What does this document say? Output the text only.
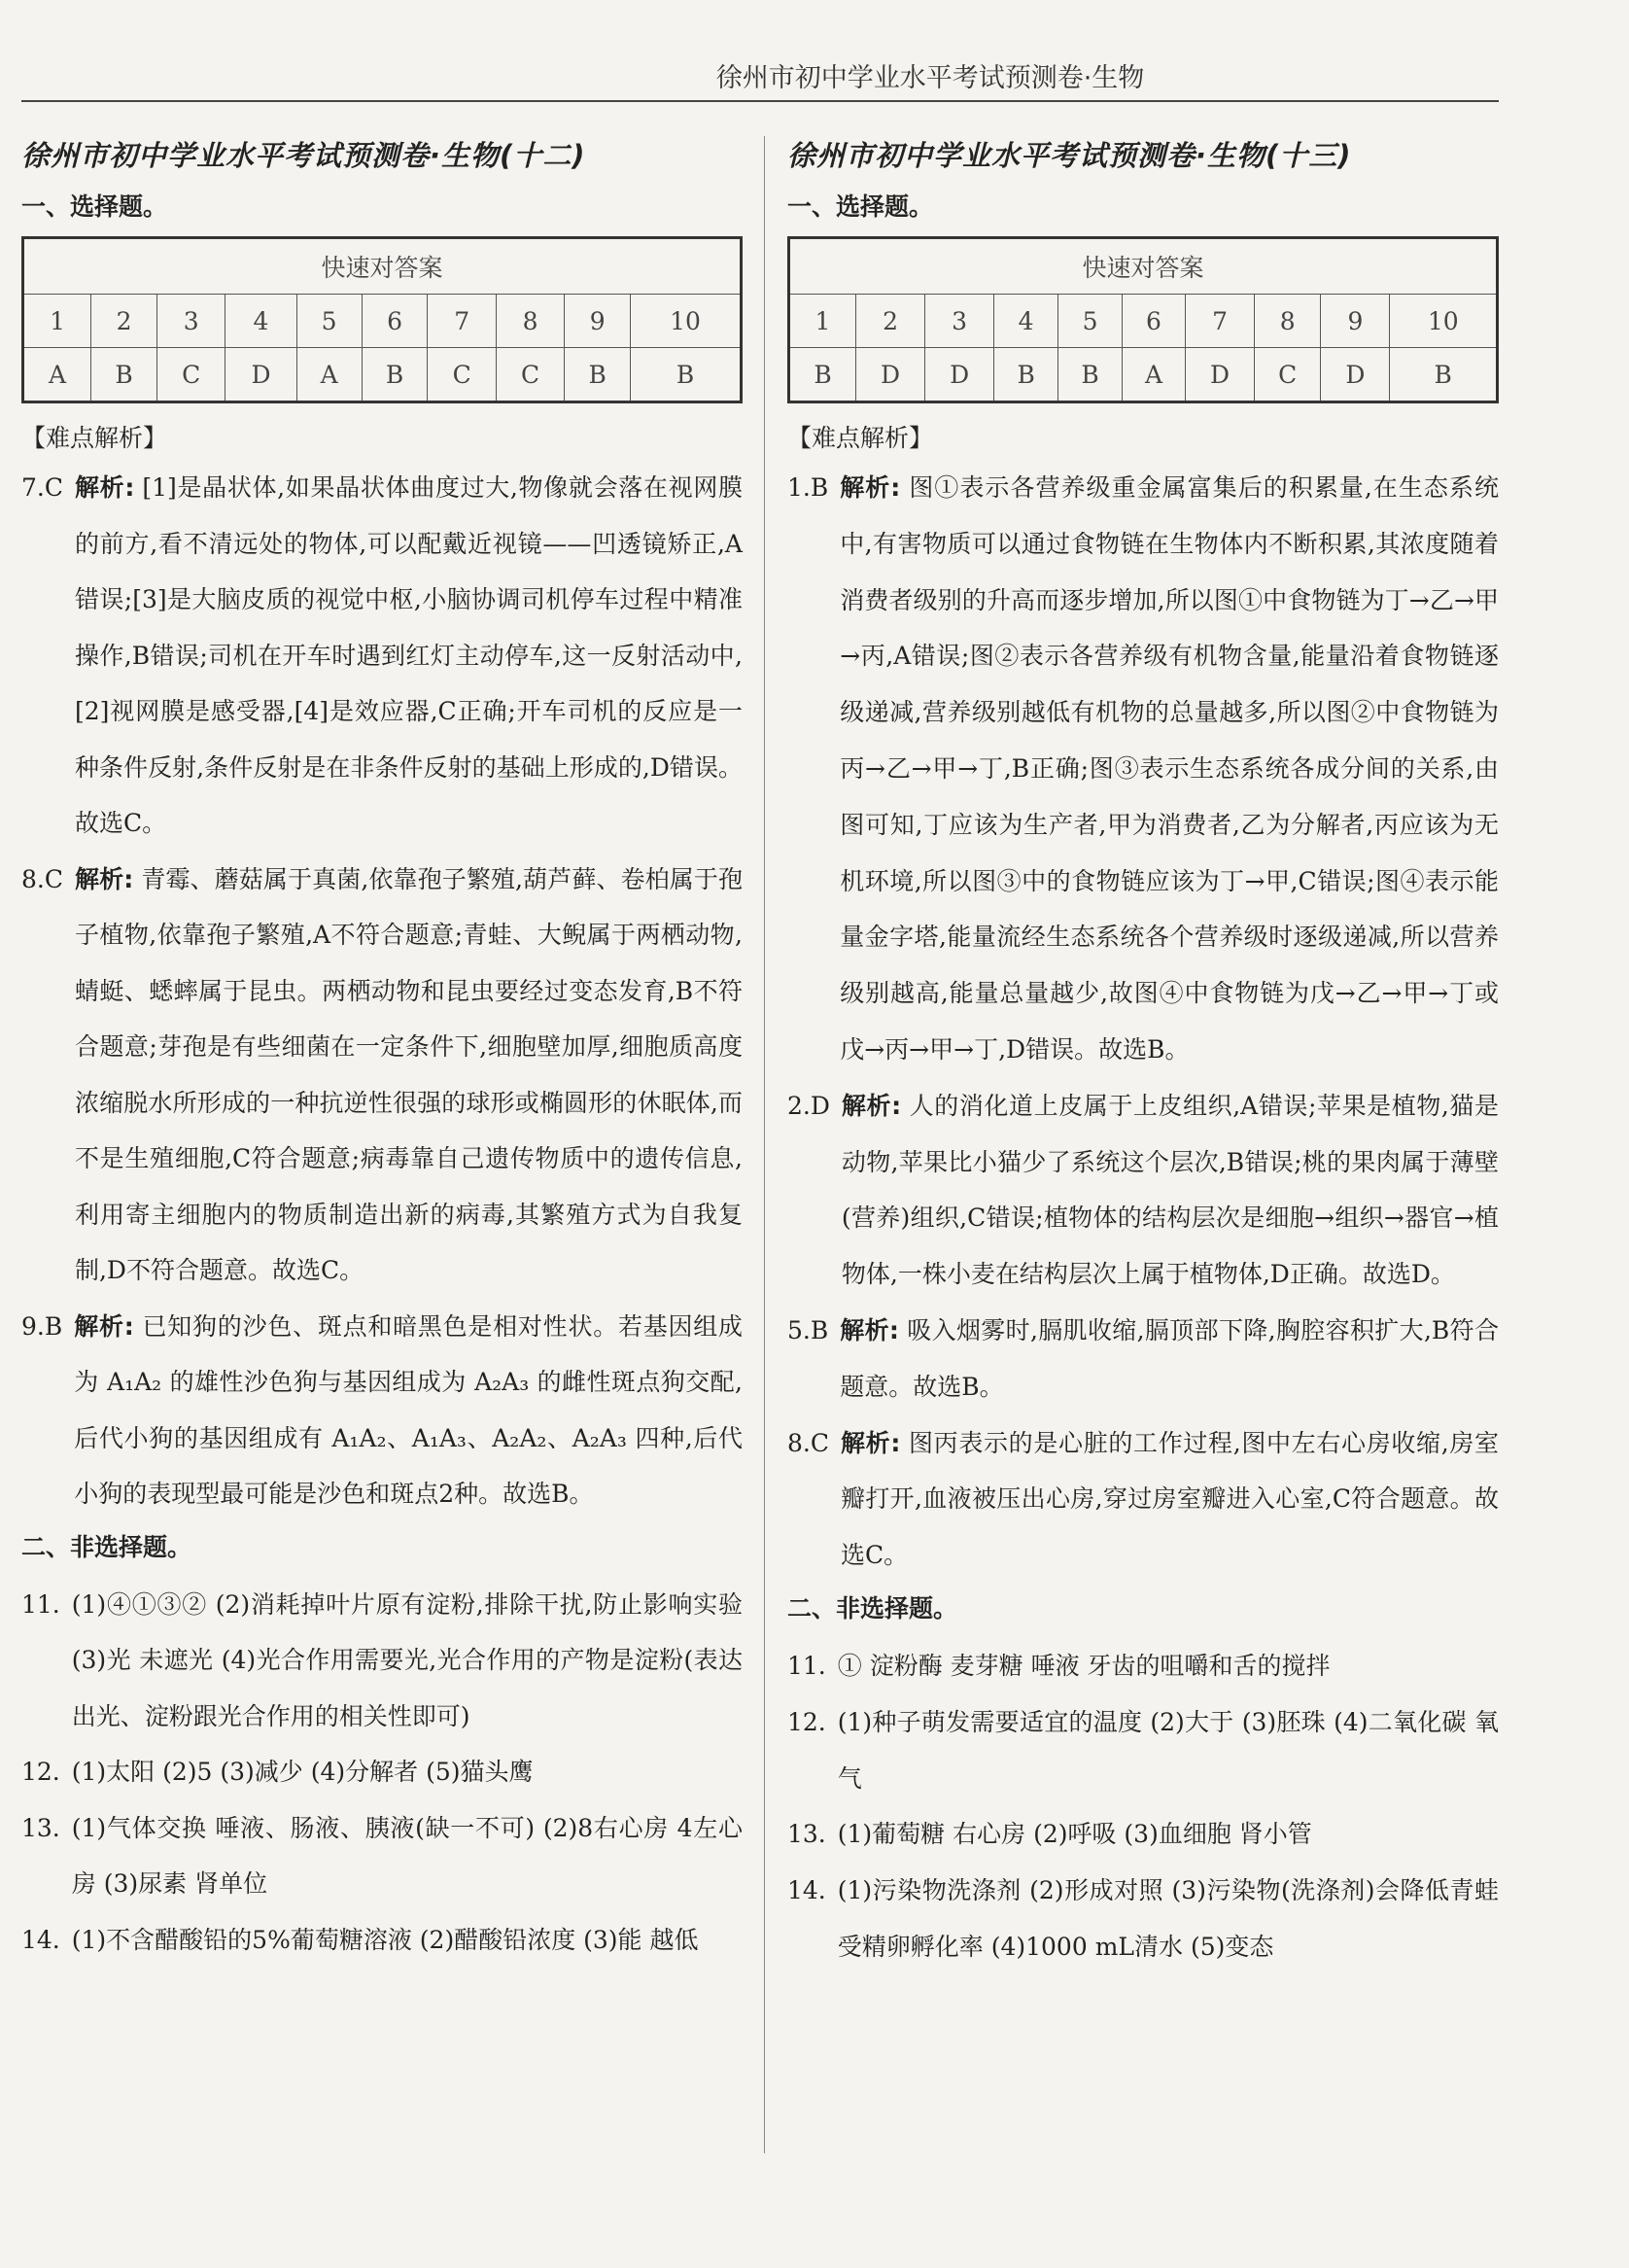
徐州市初中学业水平考试预测卷·生物
徐州市初中学业水平考试预测卷·生物(十二)
一、选择题。
快速对答案									
1	2	3	4	5	6	7	8	9	10
A	B	C	D	A	B	C	C	B	B
【难点解析】
7.C 解析: [1]是晶状体,如果晶状体曲度过大,物像就会落在视网膜的前方,看不清远处的物体,可以配戴近视镜——凹透镜矫正,A错误;[3]是大脑皮质的视觉中枢,小脑协调司机停车过程中精准操作,B错误;司机在开车时遇到红灯主动停车,这一反射活动中,[2]视网膜是感受器,[4]是效应器,C正确;开车司机的反应是一种条件反射,条件反射是在非条件反射的基础上形成的,D错误。故选C。
8.C 解析: 青霉、蘑菇属于真菌,依靠孢子繁殖,葫芦藓、卷柏属于孢子植物,依靠孢子繁殖,A不符合题意;青蛙、大鲵属于两栖动物,蜻蜓、蟋蟀属于昆虫。两栖动物和昆虫要经过变态发育,B不符合题意;芽孢是有些细菌在一定条件下,细胞壁加厚,细胞质高度浓缩脱水所形成的一种抗逆性很强的球形或椭圆形的休眠体,而不是生殖细胞,C符合题意;病毒靠自己遗传物质中的遗传信息,利用寄主细胞内的物质制造出新的病毒,其繁殖方式为自我复制,D不符合题意。故选C。
9.B 解析: 已知狗的沙色、斑点和暗黑色是相对性状。若基因组成为 A₁A₂ 的雄性沙色狗与基因组成为 A₂A₃ 的雌性斑点狗交配,后代小狗的基因组成有 A₁A₂、A₁A₃、A₂A₂、A₂A₃ 四种,后代小狗的表现型最可能是沙色和斑点2种。故选B。
二、非选择题。
11. (1)④①③② (2)消耗掉叶片原有淀粉,排除干扰,防止影响实验 (3)光 未遮光 (4)光合作用需要光,光合作用的产物是淀粉(表达出光、淀粉跟光合作用的相关性即可)
12. (1)太阳 (2)5 (3)减少 (4)分解者 (5)猫头鹰
13. (1)气体交换 唾液、肠液、胰液(缺一不可) (2)8右心房 4左心房 (3)尿素 肾单位
14. (1)不含醋酸铅的5%葡萄糖溶液 (2)醋酸铅浓度 (3)能 越低
徐州市初中学业水平考试预测卷·生物(十三)
一、选择题。
快速对答案									
1	2	3	4	5	6	7	8	9	10
B	D	D	B	B	A	D	C	D	B
【难点解析】
1.B 解析: 图①表示各营养级重金属富集后的积累量,在生态系统中,有害物质可以通过食物链在生物体内不断积累,其浓度随着消费者级别的升高而逐步增加,所以图①中食物链为丁→乙→甲→丙,A错误;图②表示各营养级有机物含量,能量沿着食物链逐级递减,营养级别越低有机物的总量越多,所以图②中食物链为丙→乙→甲→丁,B正确;图③表示生态系统各成分间的关系,由图可知,丁应该为生产者,甲为消费者,乙为分解者,丙应该为无机环境,所以图③中的食物链应该为丁→甲,C错误;图④表示能量金字塔,能量流经生态系统各个营养级时逐级递减,所以营养级别越高,能量总量越少,故图④中食物链为戊→乙→甲→丁或戊→丙→甲→丁,D错误。故选B。
2.D 解析: 人的消化道上皮属于上皮组织,A错误;苹果是植物,猫是动物,苹果比小猫少了系统这个层次,B错误;桃的果肉属于薄壁(营养)组织,C错误;植物体的结构层次是细胞→组织→器官→植物体,一株小麦在结构层次上属于植物体,D正确。故选D。
5.B 解析: 吸入烟雾时,膈肌收缩,膈顶部下降,胸腔容积扩大,B符合题意。故选B。
8.C 解析: 图丙表示的是心脏的工作过程,图中左右心房收缩,房室瓣打开,血液被压出心房,穿过房室瓣进入心室,C符合题意。故选C。
二、非选择题。
11. ① 淀粉酶 麦芽糖 唾液 牙齿的咀嚼和舌的搅拌
12. (1)种子萌发需要适宜的温度 (2)大于 (3)胚珠 (4)二氧化碳 氧气
13. (1)葡萄糖 右心房 (2)呼吸 (3)血细胞 肾小管
14. (1)污染物洗涤剂 (2)形成对照 (3)污染物(洗涤剂)会降低青蛙受精卵孵化率 (4)1000 mL清水 (5)变态
